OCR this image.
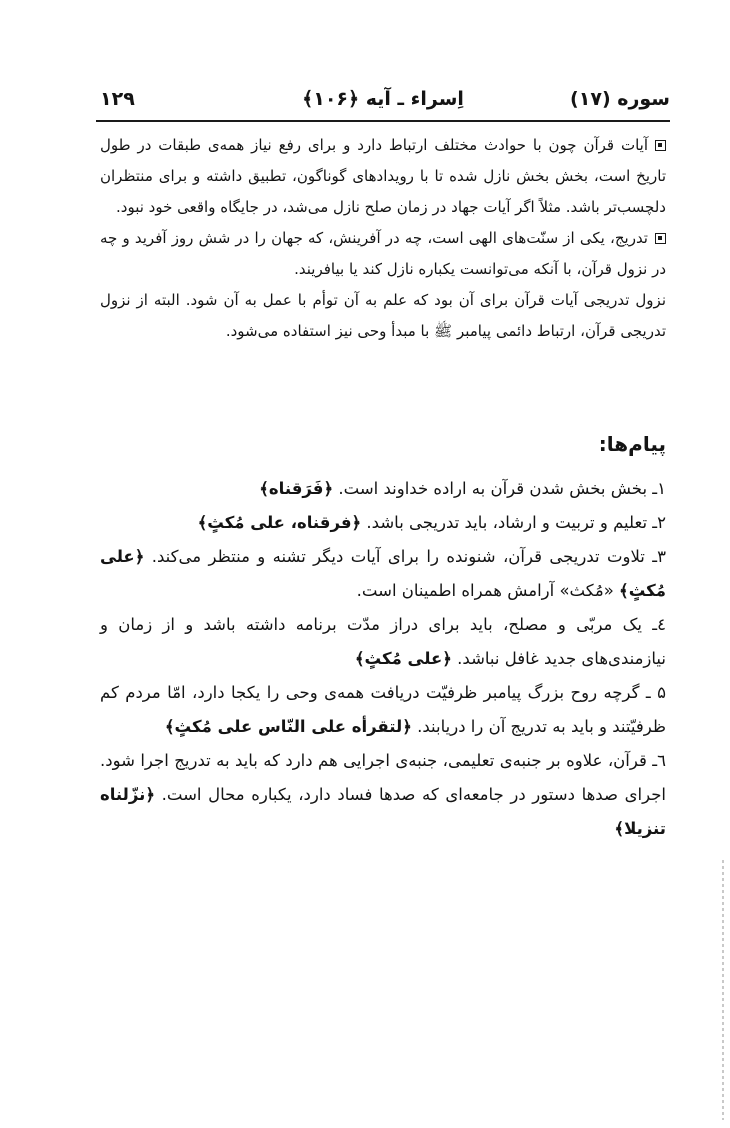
سوره (۱۷)
اِسراء ـ آیه ﴿۱۰۶﴾
۱۲۹

آیات قرآن چون با حوادث مختلف ارتباط دارد و برای رفع نیاز همه‌ی طبقات در طول تاریخ است، بخش بخش نازل شده تا با رویدادهای گوناگون، تطبیق داشته و برای منتظران دلچسب‌تر باشد. مثلاً اگر آیات جهاد در زمان صلح نازل می‌شد، در جایگاه واقعی خود نبود.

تدریج، یکی از سنّت‌های الهی است، چه در آفرینش، که جهان را در شش روز آفرید و چه در نزول قرآن، با آنکه می‌توانست یکباره نازل کند یا بیافریند.

نزول تدریجی آیات قرآن برای آن بود که علم به آن توأم با عمل به آن شود. البته از نزول تدریجی قرآن، ارتباط دائمی پیامبر ﷺ با مبدأ وحی نیز استفاده می‌شود.

پیام‌ها:

۱ـ بخش بخش شدن قرآن به اراده خداوند است. ﴿فَرَقناه﴾

۲ـ تعلیم و تربیت و ارشاد، باید تدریجی باشد. ﴿فرقناه، علی مُکثٍ﴾

۳ـ تلاوت تدریجی قرآن، شنونده را برای آیات دیگر تشنه و منتظر می‌کند. ﴿علی مُکثٍ﴾ «مُکث» آرامش همراه اطمینان است.

٤ـ یک مربّی و مصلح، باید برای دراز مدّت برنامه داشته باشد و از زمان و نیازمندی‌های جدید غافل نباشد. ﴿علی مُکثٍ﴾

۵ ـ گرچه روح بزرگ پیامبر ظرفیّت دریافت همه‌ی وحی را یکجا دارد، امّا مردم کم ظرفیّتند و باید به تدریج آن را دریابند. ﴿لتقرأه علی النّاس علی مُکثٍ﴾

٦ـ قرآن، علاوه بر جنبه‌ی تعلیمی، جنبه‌ی اجرایی هم دارد که باید به تدریج اجرا شود. اجرای صدها دستور در جامعه‌ای که صدها فساد دارد، یکباره محال است. ﴿نزّلناه تنزیلا﴾
